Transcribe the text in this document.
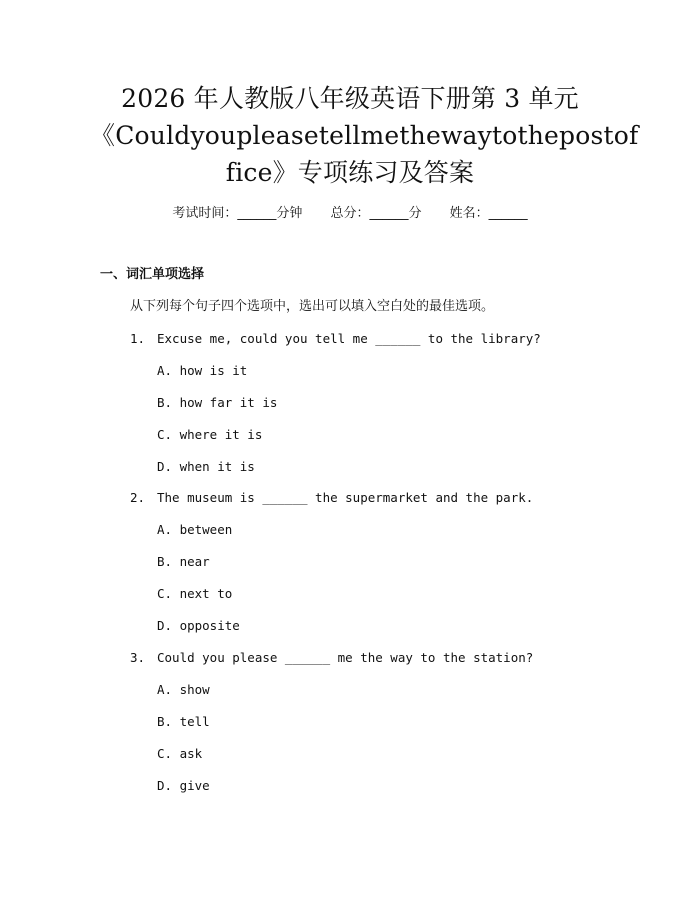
2026 年人教版八年级英语下册第 3 单元
《Couldyoupleasetellmethewaytothepostof
fice》专项练习及答案
考试时间：______分钟 总分：______分 姓名：______
一、词汇单项选择
从下列每个句子四个选项中，选出可以填入空白处的最佳选项。
1. Excuse me, could you tell me ______ to the library?
A. how is it
B. how far it is
C. where it is
D. when it is
2. The museum is ______ the supermarket and the park.
A. between
B. near
C. next to
D. opposite
3. Could you please ______ me the way to the station?
A. show
B. tell
C. ask
D. give
